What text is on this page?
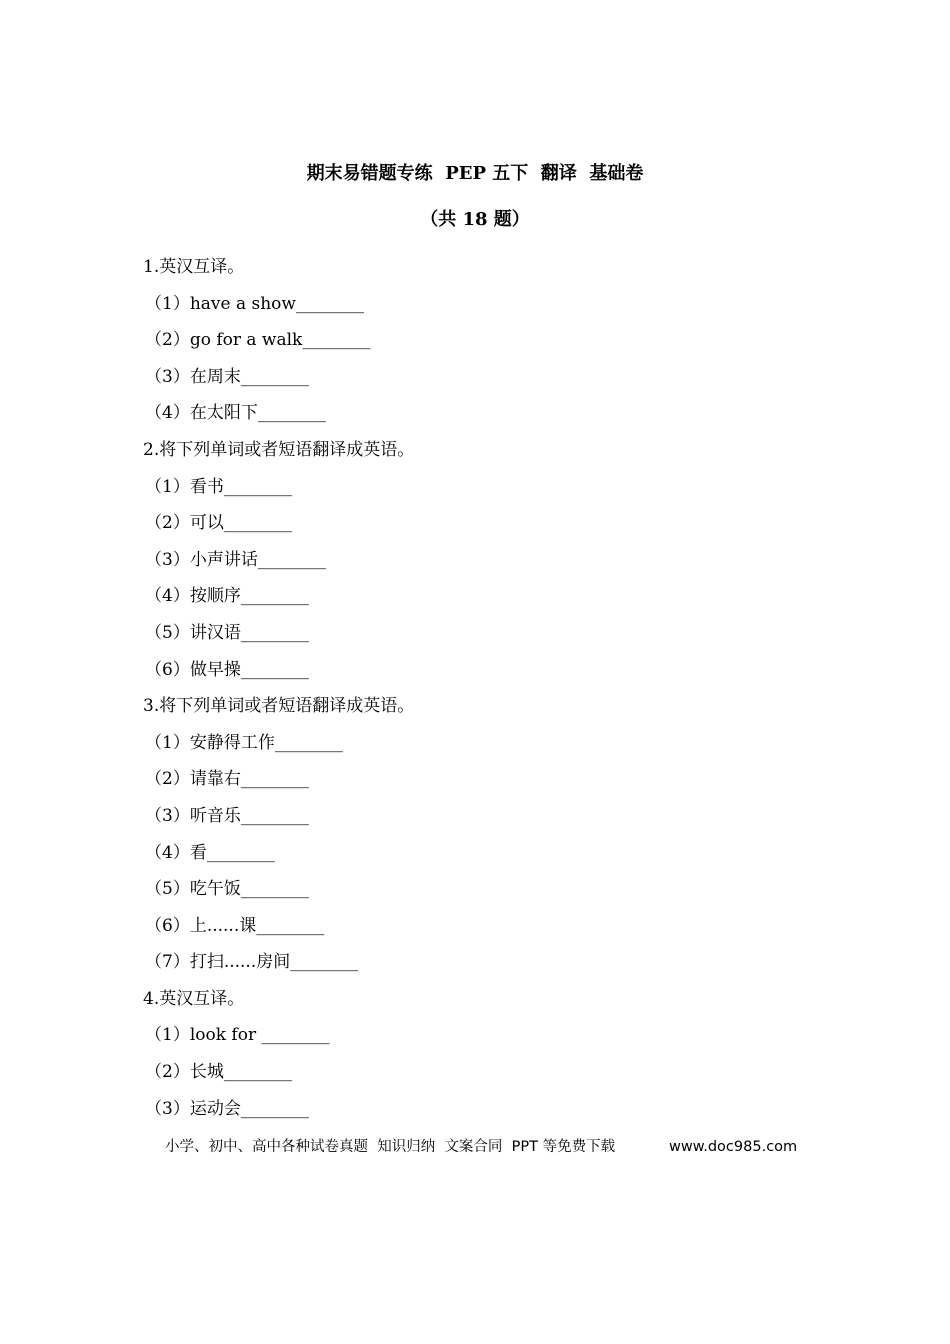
期末易错题专练  PEP 五下  翻译  基础卷
（共 18 题）
1.英汉互译。
（1）have a show________
（2）go for a walk________
（3）在周末________
（4）在太阳下________
2.将下列单词或者短语翻译成英语。
（1）看书________
（2）可以________
（3）小声讲话________
（4）按顺序________
（5）讲汉语________
（6）做早操________
3.将下列单词或者短语翻译成英语。
（1）安静得工作________
（2）请靠右________
（3）听音乐________
（4）看________
（5）吃午饭________
（6）上......课________
（7）打扫......房间________
4.英汉互译。
（1）look for ________
（2）长城________
（3）运动会________
小学、初中、高中各种试卷真题  知识归纳  文案合同  PPT 等免费下载	www.doc985.com
